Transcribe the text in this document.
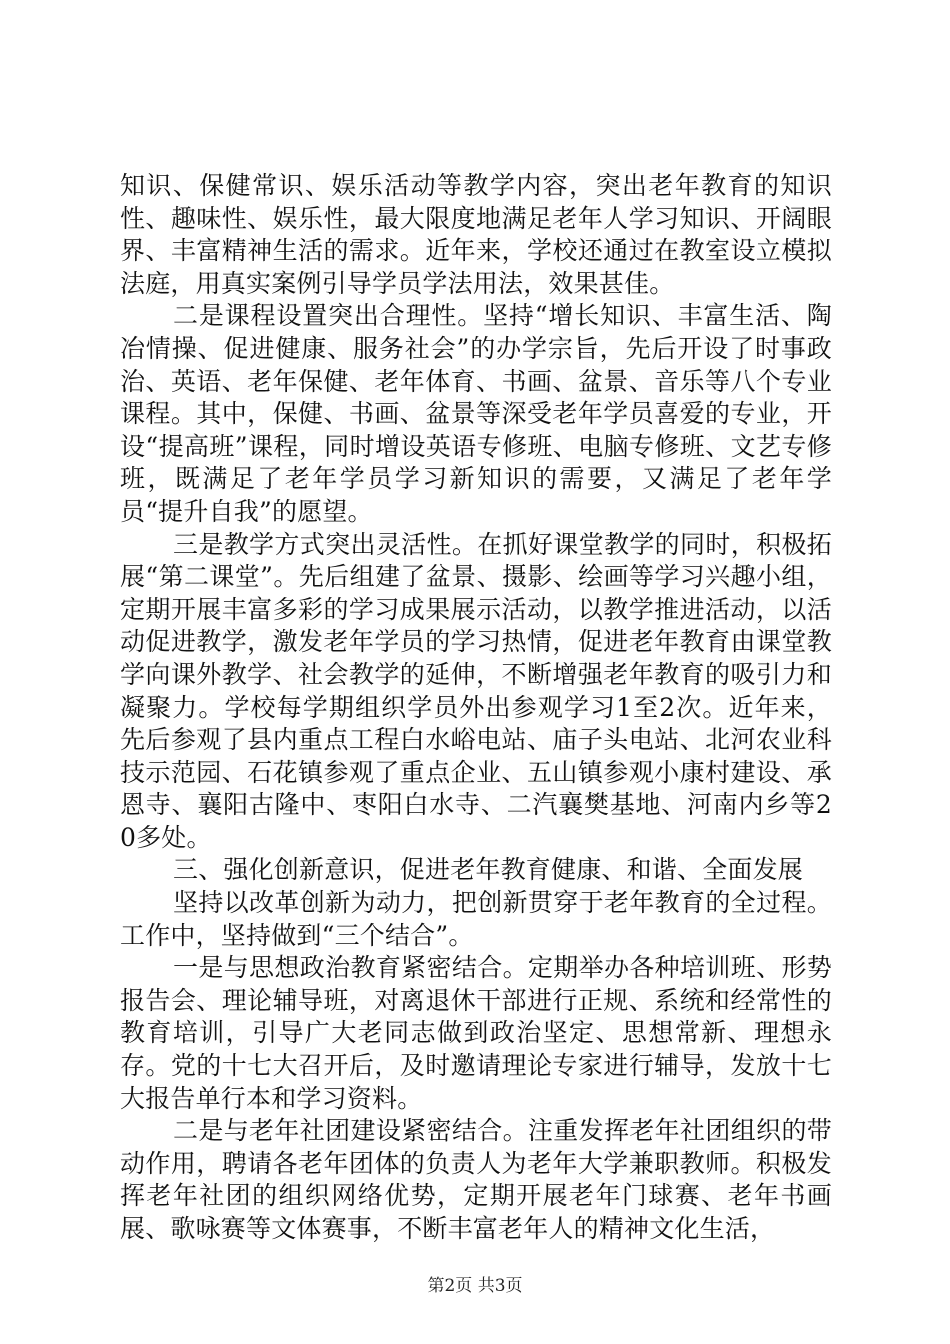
知识、保健常识、娱乐活动等教学内容，突出老年教育的知识性、趣味性、娱乐性，最大限度地满足老年人学习知识、开阔眼界、丰富精神生活的需求。近年来，学校还通过在教室设立模拟法庭，用真实案例引导学员学法用法，效果甚佳。

二是课程设置突出合理性。坚持“增长知识、丰富生活、陶冶情操、促进健康、服务社会”的办学宗旨，先后开设了时事政治、英语、老年保健、老年体育、书画、盆景、音乐等八个专业课程。其中，保健、书画、盆景等深受老年学员喜爱的专业，开设“提高班”课程，同时增设英语专修班、电脑专修班、文艺专修班，既满足了老年学员学习新知识的需要，又满足了老年学员“提升自我”的愿望。

三是教学方式突出灵活性。在抓好课堂教学的同时，积极拓展“第二课堂”。先后组建了盆景、摄影、绘画等学习兴趣小组，定期开展丰富多彩的学习成果展示活动，以教学推进活动，以活动促进教学，激发老年学员的学习热情，促进老年教育由课堂教学向课外教学、社会教学的延伸，不断增强老年教育的吸引力和凝聚力。学校每学期组织学员外出参观学习1至2次。近年来，先后参观了县内重点工程白水峪电站、庙子头电站、北河农业科技示范园、石花镇参观了重点企业、五山镇参观小康村建设、承恩寺、襄阳古隆中、枣阳白水寺、二汽襄樊基地、河南内乡等20多处。

三、强化创新意识，促进老年教育健康、和谐、全面发展

坚持以改革创新为动力，把创新贯穿于老年教育的全过程。工作中，坚持做到“三个结合”。

一是与思想政治教育紧密结合。定期举办各种培训班、形势报告会、理论辅导班，对离退休干部进行正规、系统和经常性的教育培训，引导广大老同志做到政治坚定、思想常新、理想永存。党的十七大召开后，及时邀请理论专家进行辅导，发放十七大报告单行本和学习资料。

二是与老年社团建设紧密结合。注重发挥老年社团组织的带动作用，聘请各老年团体的负责人为老年大学兼职教师。积极发挥老年社团的组织网络优势，定期开展老年门球赛、老年书画展、歌咏赛等文体赛事，不断丰富老年人的精神文化生活，

第2页 共3页
